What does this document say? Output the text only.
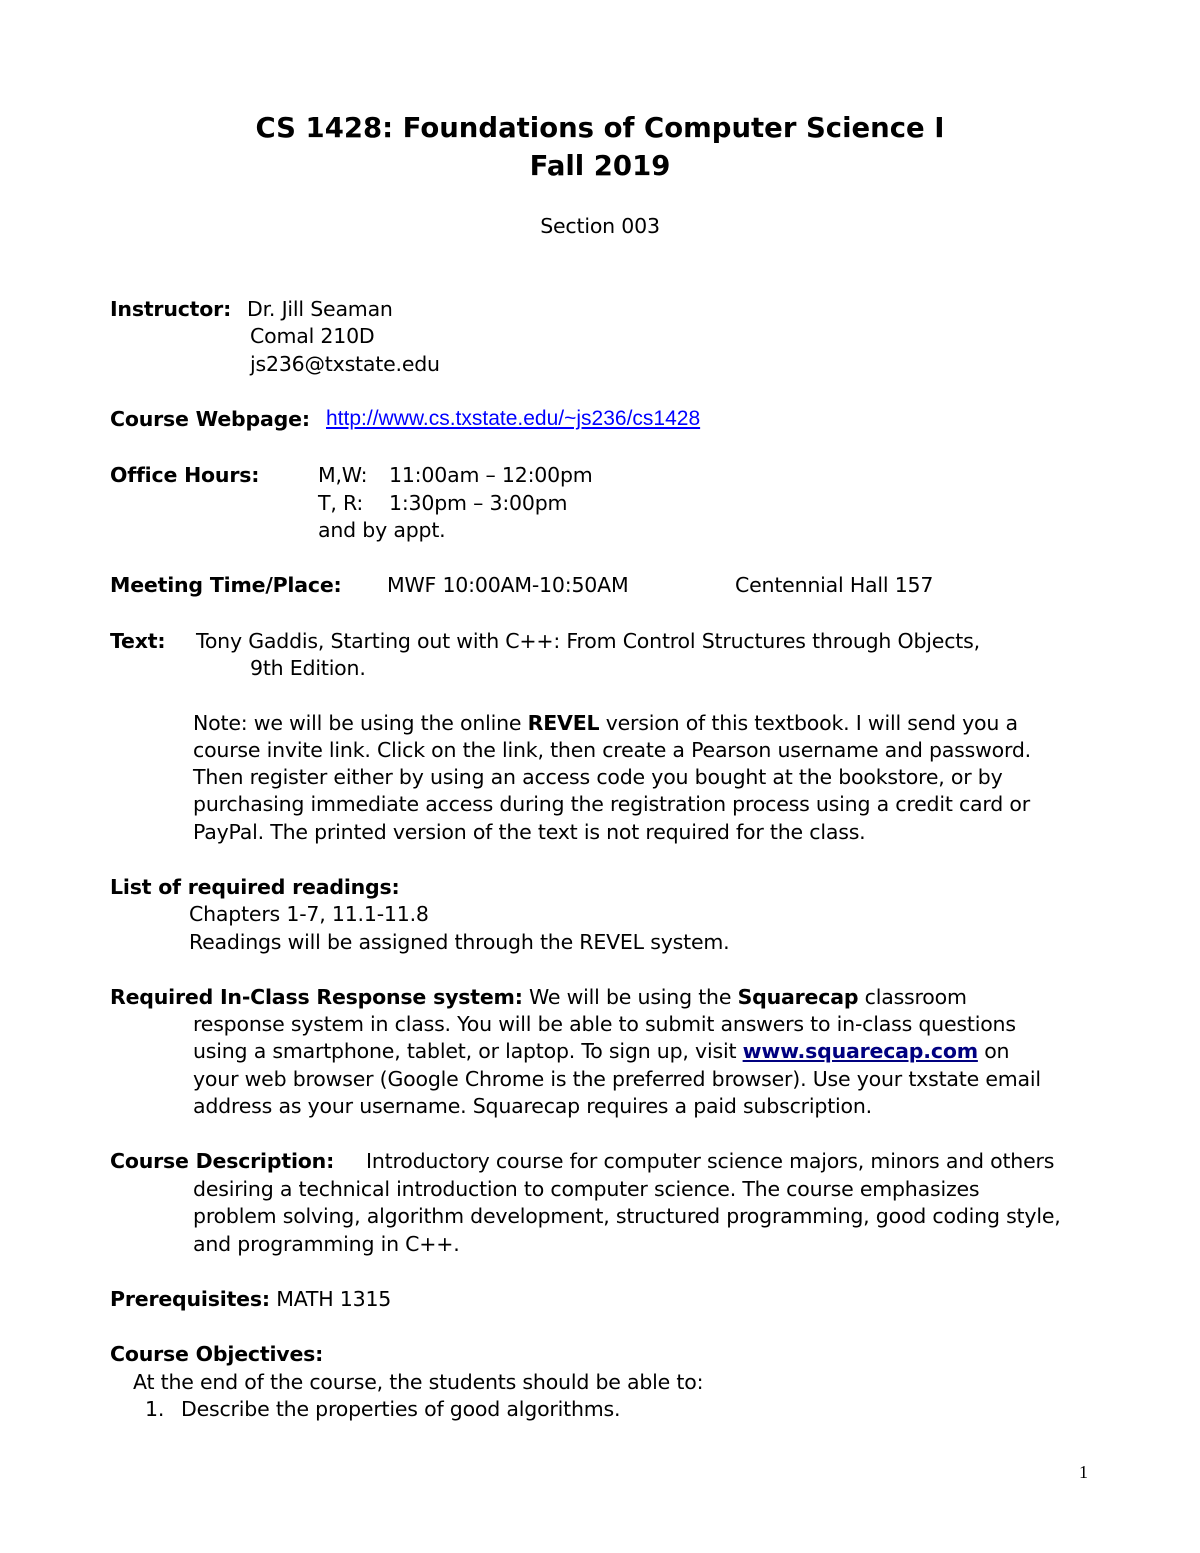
CS 1428: Foundations of Computer Science I
Fall 2019
Section 003
Instructor: Dr. Jill Seaman
Comal 210D
js236@txstate.edu
Course Webpage: http://www.cs.txstate.edu/~js236/cs1428
Office Hours:	M,W: 11:00am – 12:00pm
T, R: 1:30pm – 3:00pm
and by appt.
Meeting Time/Place: MWF 10:00AM-10:50AM	Centennial Hall 157
Text: Tony Gaddis, Starting out with C++: From Control Structures through Objects,
9th Edition.
Note: we will be using the online REVEL version of this textbook. I will send you a
course invite link. Click on the link, then create a Pearson username and password.
Then register either by using an access code you bought at the bookstore, or by
purchasing immediate access during the registration process using a credit card or
PayPal. The printed version of the text is not required for the class.
List of required readings:
Chapters 1-7, 11.1-11.8
Readings will be assigned through the REVEL system.
Required In-Class Response system: We will be using the Squarecap classroom
response system in class. You will be able to submit answers to in-class questions
using a smartphone, tablet, or laptop. To sign up, visit www.squarecap.com on
your web browser (Google Chrome is the preferred browser). Use your txstate email
address as your username. Squarecap requires a paid subscription.
Course Description: Introductory course for computer science majors, minors and others
desiring a technical introduction to computer science. The course emphasizes
problem solving, algorithm development, structured programming, good coding style,
and programming in C++.
Prerequisites: MATH 1315
Course Objectives:
At the end of the course, the students should be able to:
1. Describe the properties of good algorithms.
1
